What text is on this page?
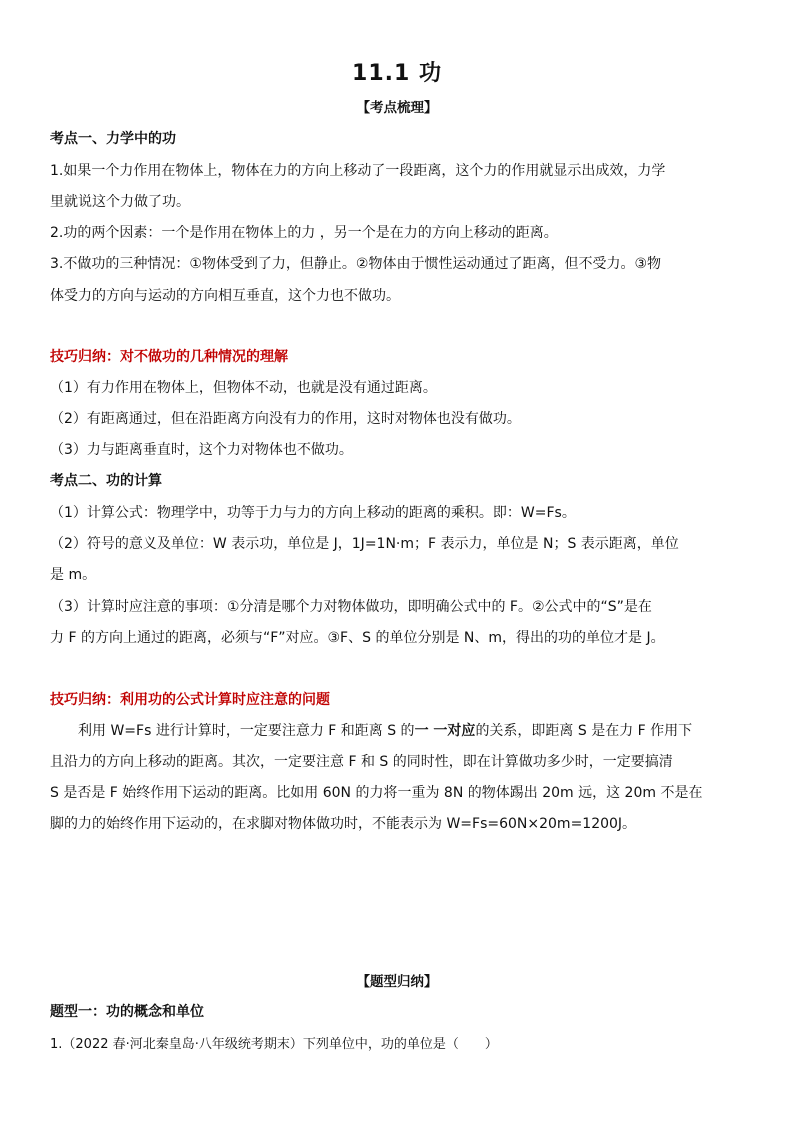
11.1 功
【考点梳理】
考点一、力学中的功
1.如果一个力作用在物体上，物体在力的方向上移动了一段距离，这个力的作用就显示出成效，力学
里就说这个力做了功。
2.功的两个因素：一个是作用在物体上的力 ，另一个是在力的方向上移动的距离。
3.不做功的三种情况：①物体受到了力，但静止。②物体由于惯性运动通过了距离，但不受力。③物
体受力的方向与运动的方向相互垂直，这个力也不做功。
技巧归纳：对不做功的几种情况的理解
（1）有力作用在物体上，但物体不动，也就是没有通过距离。
（2）有距离通过，但在沿距离方向没有力的作用，这时对物体也没有做功。
（3）力与距离垂直时，这个力对物体也不做功。
考点二、功的计算
（1）计算公式：物理学中，功等于力与力的方向上移动的距离的乘积。即：W=Fs。
（2）符号的意义及单位：W 表示功，单位是 J，1J=1N·m；F 表示力，单位是 N；S 表示距离，单位
是 m。
（3）计算时应注意的事项：①分清是哪个力对物体做功，即明确公式中的 F。②公式中的“S”是在
力 F 的方向上通过的距离，必须与“F”对应。③F、S 的单位分别是 N、m，得出的功的单位才是 J。
技巧归纳：利用功的公式计算时应注意的问题
利用 W=Fs 进行计算时，一定要注意力 F 和距离 S 的一 一对应的关系，即距离 S 是在力 F 作用下
且沿力的方向上移动的距离。其次，一定要注意 F 和 S 的同时性，即在计算做功多少时，一定要搞清
S 是否是 F 始终作用下运动的距离。比如用 60N 的力将一重为 8N 的物体踢出 20m 远，这 20m 不是在
脚的力的始终作用下运动的，在求脚对物体做功时，不能表示为 W=Fs=60N×20m=1200J。
【题型归纳】
题型一：功的概念和单位
1.（2022 春·河北秦皇岛·八年级统考期末）下列单位中，功的单位是（　　）
